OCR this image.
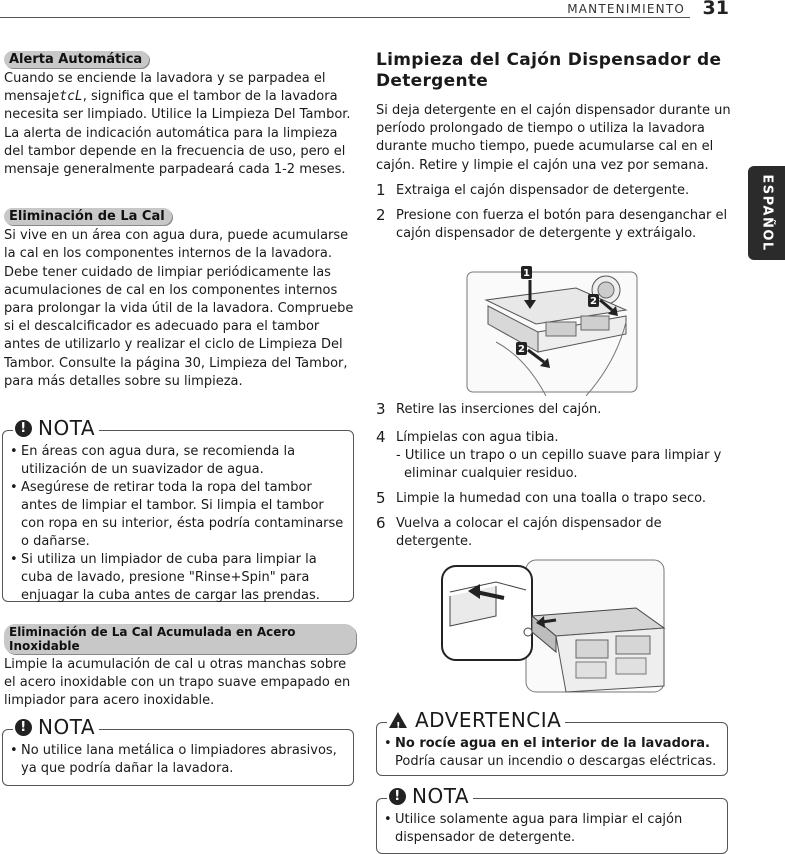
MANTENIMIENTO 31
ESPAÑOL
Alerta Automática

Cuando se enciende la lavadora y se parpadea el mensajetcL, significa que el tambor de la lavadora necesita ser limpiado. Utilice la Limpieza Del Tambor. La alerta de indicación automática para la limpieza del tambor depende en la frecuencia de uso, pero el mensaje generalmente parpadeará cada 1-2 meses.

Eliminación de La Cal

Si vive en un área con agua dura, puede acumularse la cal en los componentes internos de la lavadora. Debe tener cuidado de limpiar periódicamente las acumulaciones de cal en los componentes internos para prolongar la vida útil de la lavadora. Compruebe si el descalcificador es adecuado para el tambor antes de utilizarlo y realizar el ciclo de Limpieza Del Tambor. Consulte la página 30, Limpieza del Tambor, para más detalles sobre su limpieza.

! NOTA
• En áreas con agua dura, se recomienda la utilización de un suavizador de agua.
• Asegúrese de retirar toda la ropa del tambor antes de limpiar el tambor. Si limpia el tambor con ropa en su interior, ésta podría contaminarse o dañarse.
• Si utiliza un limpiador de cuba para limpiar la cuba de lavado, presione "Rinse+Spin" para enjuagar la cuba antes de cargar las prendas.
Eliminación de La Cal Acumulada en Acero Inoxidable

Limpie la acumulación de cal u otras manchas sobre el acero inoxidable con un trapo suave empapado en limpiador para acero inoxidable.

! NOTA
• No utilice lana metálica o limpiadores abrasivos, ya que podría dañar la lavadora.
Limpieza del Cajón Dispensador de Detergente

Si deja detergente en el cajón dispensador durante un período prolongado de tiempo o utiliza la lavadora durante mucho tiempo, puede acumularse cal en el cajón. Retire y limpie el cajón una vez por semana.

1 Extraiga el cajón dispensador de detergente.
2 Presione con fuerza el botón para desenganchar el cajón dispensador de detergente y extráigalo.
1
2
2
3 Retire las inserciones del cajón.
4 Límpielas con agua tibia.
- Utilice un trapo o un cepillo suave para limpiar y eliminar cualquier residuo.
5 Limpie la humedad con una toalla o trapo seco.
6 Vuelva a colocar el cajón dispensador de detergente.
! ADVERTENCIA
• No rocíe agua en el interior de la lavadora. Podría causar un incendio o descargas eléctricas.
! NOTA
• Utilice solamente agua para limpiar el cajón dispensador de detergente.
